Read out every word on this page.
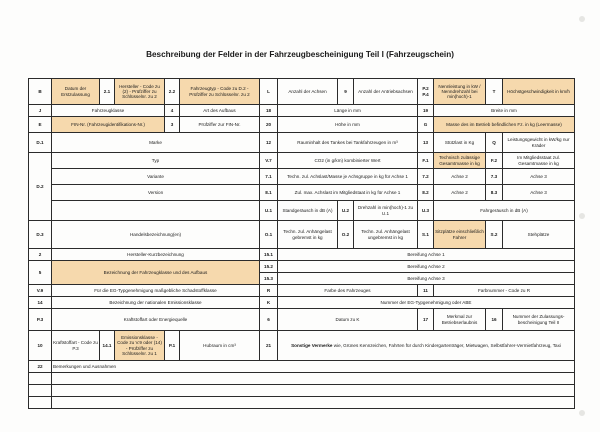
Beschreibung der Felder in der Fahrzeugbescheinigung Teil I (Fahrzeugschein)
B	Datum der Erstzulassung	2.1	Hersteller - Code zu (2) - Prüfziffer zu Schlüsselnr. zu 2	2.2	Fahrzeugtyp - Code zu D.2 - Prüfziffer zu Schlüsselnr. zu 2	L	Anzahl der Achsen	9	Anzahl der Antriebsachsen	P.2 P.4	Nennleistung in kW / Nenndrehzahl bei min(hoch)-1	T	Höchstgeschwindigkeit in km/h
J	Fahrzeugklasse			4	Art des Aufbaus	18	Länge in mm			19	Breite in mm		
E	FIN-Nr. (Fahrzeugidentifikations-Nr.)			3	Prüfziffer zur FIN-Nr.	20	Höhe in mm			G	Masse des im Betrieb befindlichen Fz. in kg (Leermasse)		
D.1	Marke					12	Rauminhalt des Tankes bei Tankfahrzeugen in m³			13	Stützlast in Kg	Q	Leistungsgewicht in kW/kg nur Kräder
D.2	Typ					V.7	CO2 (in g/km) kombinierter Wert			F.1	Technisch zulässige Gesamtmasse in kg	F.2	Im Mitgliedsstaat zul. Gesamtmasse in kg
	Variante					7.1	Techn. zul. Achslast/Masse je Achsgruppe in kg für Achse 1			7.2	Achse 2	7.3	Achse 3
	Version					8.1	Zul. max. Achslast im Mitgliedstaat in kg für Achse 1			8.2	Achse 2	8.3	Achse 3
						U.1	Standgeräusch in dB (A)	U.2	Drehzahl in min(hoch)-1 zu U.1	U.3	Fahrgeräusch in dB (A)		
D.3	Handelsbezeichnung(en)					O.1	Techn. zul. Anhängelast gebremst in kg	O.2	Techn. zul. Anhängelast ungebremst in kg	S.1	Sitzplätze einschließlich Fahrer	S.2	Stehplätze
2	Hersteller-Kurzbezeichnung					15.1	Bereifung Achse 1						
5	Bezeichnung der Fahrzeugklasse und des Aufbaus					15.2	Bereifung Achse 2						
						15.3	Bereifung Achse 3						
V.9	Für die EG-Typgenehmigung maßgebliche Schadstoffklasse					R	Farbe des Fahrzeuges			11	Farbnummer - Code zu R		
14	Bezeichnung der nationalen Emissionsklasse					K	Nummer der EG-Typgenehmigung oder ABE						
P.3	Kraftstoffart oder Energiequelle					6	Datum zu K			17	Merkmal zur Betriebserlaubnis	16	Nummer der Zulassungs-bescheinigung Teil II
10	Kraftstoffart - Code zu P.3	14.1	Emissionsklasse - Code zu V.9 oder (14) - Prüfziffer zu Schlüsselnr. zu 1	P.1	Hubraum in cm³	21	Sonstige Vermerke wie, Grünes Kennzeichen, Fahrten für durch Kindergartenträger, Mietwagen, Selbstfahrer-Vermietfahrzeug, Taxi						
22	Bemerkungen und Ausnahmen												
